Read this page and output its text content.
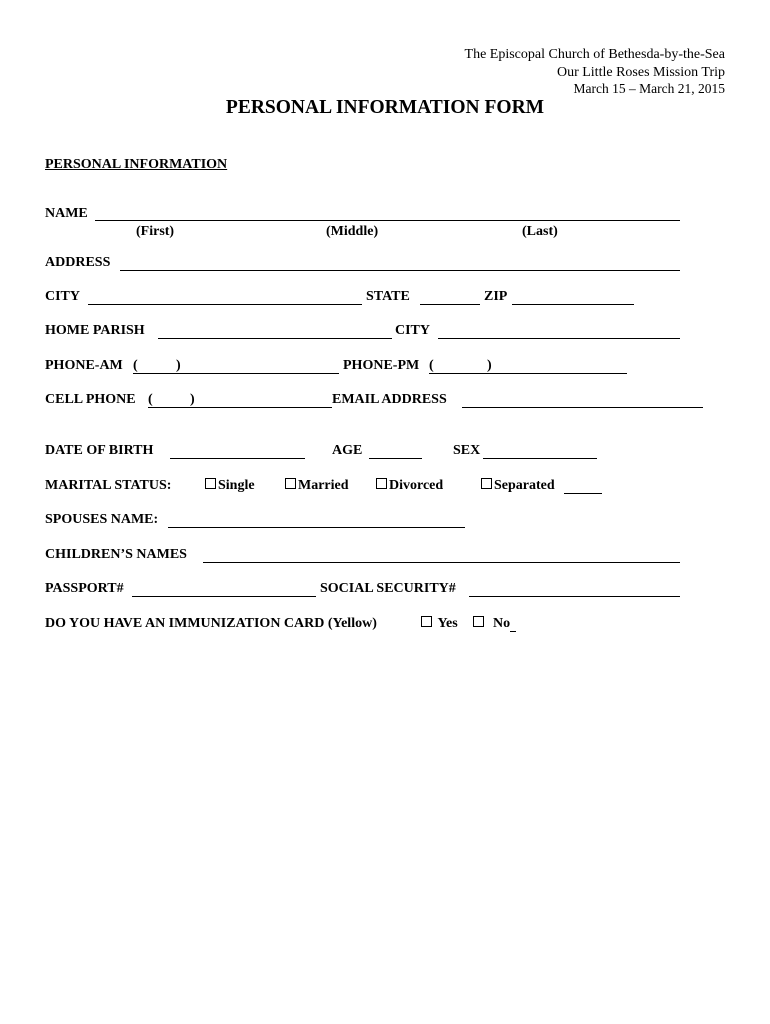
The Episcopal Church of Bethesda-by-the-Sea
Our Little Roses Mission Trip
March 15 – March 21, 2015
PERSONAL INFORMATION FORM
PERSONAL INFORMATION
NAME
(First)	(Middle)	(Last)
ADDRESS
CITY	STATE	ZIP
HOME PARISH	CITY
PHONE-AM (	)	PHONE-PM (	)
CELL PHONE (	)	EMAIL ADDRESS
DATE OF BIRTH	AGE	SEX
MARITAL STATUS:	Single	Married	Divorced	Separated
SPOUSES NAME:
CHILDREN’S NAMES
PASSPORT#	SOCIAL SECURITY#
DO YOU HAVE AN IMMUNIZATION CARD (Yellow)	Yes	No
